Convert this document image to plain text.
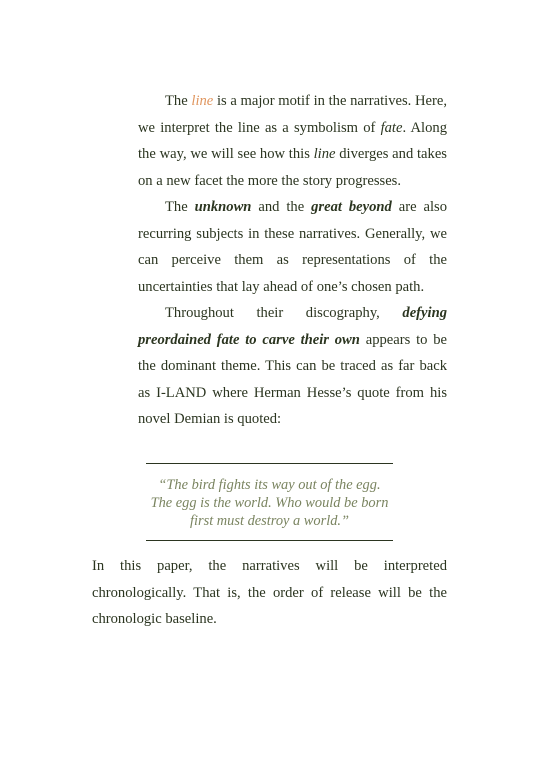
The line is a major motif in the narratives. Here, we interpret the line as a symbolism of fate. Along the way, we will see how this line diverges and takes on a new facet the more the story progresses.

The unknown and the great beyond are also recurring subjects in these narratives. Generally, we can perceive them as representations of the uncertainties that lay ahead of one’s chosen path.

Throughout their discography, defying preordained fate to carve their own appears to be the dominant theme. This can be traced as far back as I-LAND where Herman Hesse’s quote from his novel Demian is quoted:

“The bird fights its way out of the egg.
The egg is the world. Who would be born
first must destroy a world.”

In this paper, the narratives will be interpreted chronologically. That is, the order of release will be the chronologic baseline.
